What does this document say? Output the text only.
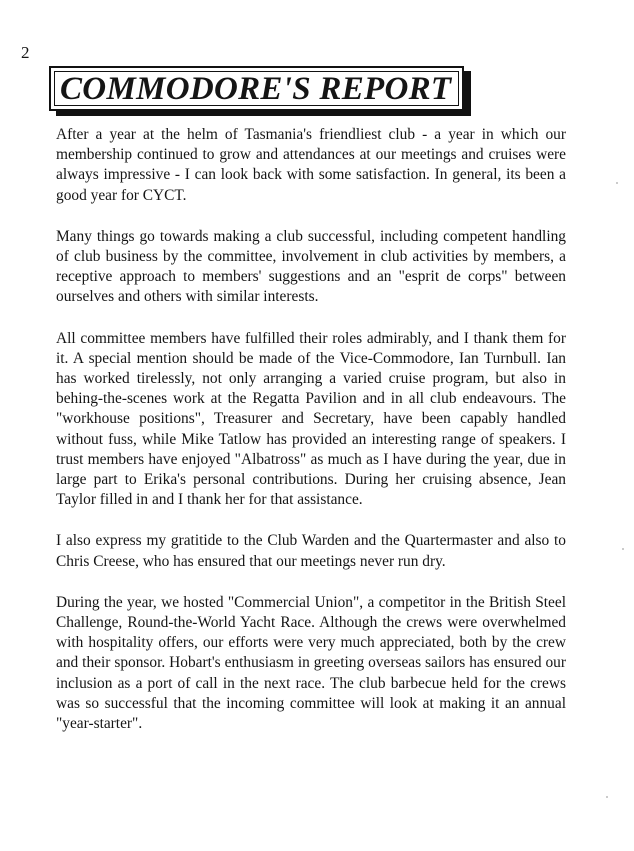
2
COMMODORE'S REPORT

After a year at the helm of Tasmania's friendliest club - a year in which our membership continued to grow and attendances at our meetings and cruises were always impressive - I can look back with some satisfaction. In general, its been a good year for CYCT.

Many things go towards making a club successful, including competent handling of club business by the committee, involvement in club activities by members, a receptive approach to members' suggestions and an "esprit de corps" between ourselves and others with similar interests.

All committee members have fulfilled their roles admirably, and I thank them for it. A special mention should be made of the Vice-Commodore, Ian Turnbull. Ian has worked tirelessly, not only arranging a varied cruise program, but also in behing-the-scenes work at the Regatta Pavilion and in all club endeavours. The "workhouse positions", Treasurer and Secretary, have been capably handled without fuss, while Mike Tatlow has provided an interesting range of speakers. I trust members have enjoyed "Albatross" as much as I have during the year, due in large part to Erika's personal contributions. During her cruising absence, Jean Taylor filled in and I thank her for that assistance.

I also express my gratitide to the Club Warden and the Quartermaster and also to Chris Creese, who has ensured that our meetings never run dry.

During the year, we hosted "Commercial Union", a competitor in the British Steel Challenge, Round-the-World Yacht Race. Although the crews were overwhelmed with hospitality offers, our efforts were very much appreciated, both by the crew and their sponsor. Hobart's enthusiasm in greeting overseas sailors has ensured our inclusion as a port of call in the next race. The club barbecue held for the crews was so successful that the incoming committee will look at making it an annual "year-starter".
